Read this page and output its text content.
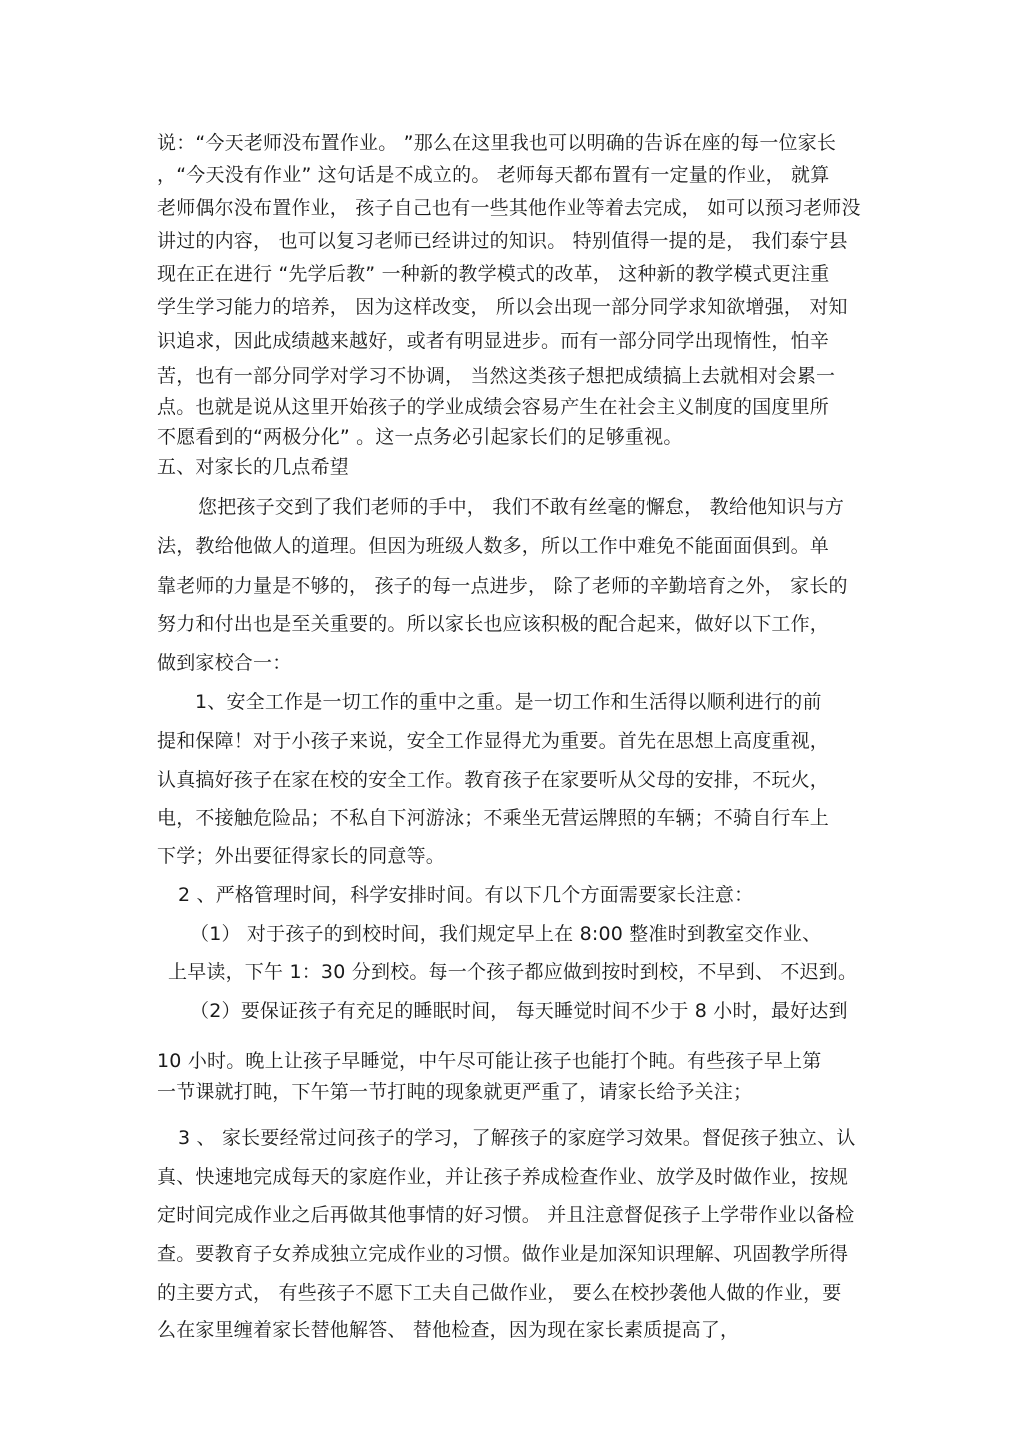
说：“今天老师没布置作业。 ”那么在这里我也可以明确的告诉在座的每一位家长
，“今天没有作业” 这句话是不成立的。 老师每天都布置有一定量的作业， 就算
老师偶尔没布置作业， 孩子自己也有一些其他作业等着去完成， 如可以预习老师没
讲过的内容， 也可以复习老师已经讲过的知识。 特别值得一提的是， 我们泰宁县
现在正在进行 “先学后教” 一种新的教学模式的改革， 这种新的教学模式更注重
学生学习能力的培养， 因为这样改变， 所以会出现一部分同学求知欲增强， 对知
识追求，因此成绩越来越好，或者有明显进步。而有一部分同学出现惰性，怕辛
苦，也有一部分同学对学习不协调， 当然这类孩子想把成绩搞上去就相对会累一
点。也就是说从这里开始孩子的学业成绩会容易产生在社会主义制度的国度里所
不愿看到的“两极分化” 。这一点务必引起家长们的足够重视。
五、对家长的几点希望
您把孩子交到了我们老师的手中， 我们不敢有丝毫的懈怠， 教给他知识与方
法，教给他做人的道理。但因为班级人数多，所以工作中难免不能面面俱到。单
靠老师的力量是不够的， 孩子的每一点进步， 除了老师的辛勤培育之外， 家长的
努力和付出也是至关重要的。所以家长也应该积极的配合起来，做好以下工作，
做到家校合一：
1、安全工作是一切工作的重中之重。是一切工作和生活得以顺利进行的前
提和保障！对于小孩子来说，安全工作显得尤为重要。首先在思想上高度重视，
认真搞好孩子在家在校的安全工作。教育孩子在家要听从父母的安排，不玩火，
电，不接触危险品；不私自下河游泳；不乘坐无营运牌照的车辆；不骑自行车上
下学；外出要征得家长的同意等。
2 、严格管理时间，科学安排时间。有以下几个方面需要家长注意：
（1） 对于孩子的到校时间，我们规定早上在 8:00 整准时到教室交作业、
上早读，下午 1：30 分到校。每一个孩子都应做到按时到校，不早到、 不迟到。
（2）要保证孩子有充足的睡眠时间， 每天睡觉时间不少于 8 小时，最好达到
10 小时。晚上让孩子早睡觉，中午尽可能让孩子也能打个盹。有些孩子早上第
一节课就打盹，下午第一节打盹的现象就更严重了，请家长给予关注；
3 、 家长要经常过问孩子的学习，了解孩子的家庭学习效果。督促孩子独立、认
真、快速地完成每天的家庭作业，并让孩子养成检查作业、放学及时做作业，按规
定时间完成作业之后再做其他事情的好习惯。 并且注意督促孩子上学带作业以备检
查。要教育子女养成独立完成作业的习惯。做作业是加深知识理解、巩固教学所得
的主要方式， 有些孩子不愿下工夫自己做作业， 要么在校抄袭他人做的作业，要
么在家里缠着家长替他解答、 替他检查，因为现在家长素质提高了，
